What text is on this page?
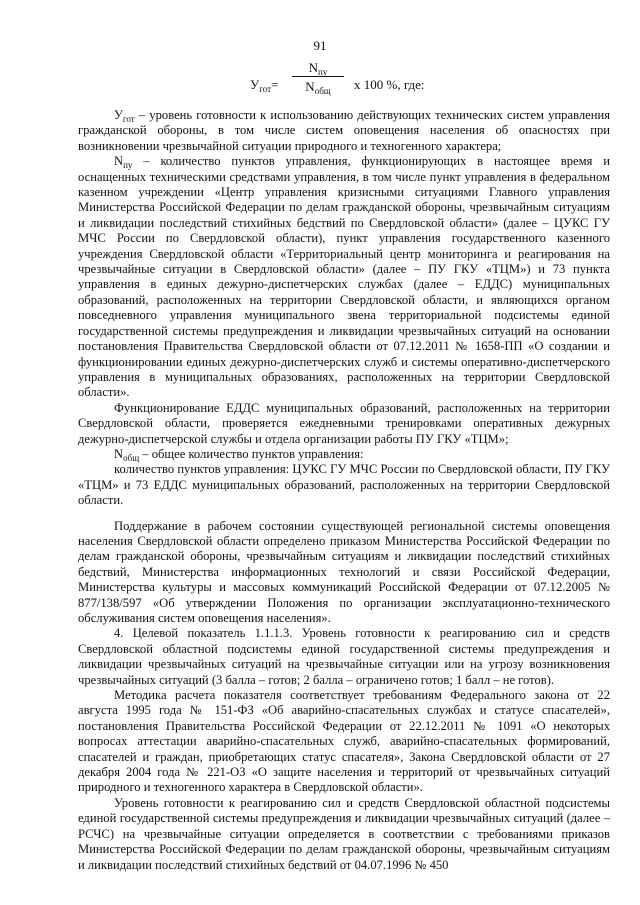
91
$У_{гот}=$
$N_{пу}$
$N_{общ}$	х 100 %, где:

$У_{гот}$ – уровень готовности к использованию действующих технических систем управления гражданской обороны, в том числе систем оповещения населения об опасностях при возникновении чрезвычайной ситуации природного и техногенного характера;

$N_{пу}$ – количество пунктов управления, функционирующих в настоящее время и оснащенных техническими средствами управления, в том числе пункт управления в федеральном казенном учреждении «Центр управления кризисными ситуациями Главного управления Министерства Российской Федерации по делам гражданской обороны, чрезвычайным ситуациям и ликвидации последствий стихийных бедствий по Свердловской области» (далее – ЦУКС ГУ МЧС России по Свердловской области), пункт управления государственного казенного учреждения Свердловской области «Территориальный центр мониторинга и реагирования на чрезвычайные ситуации в Свердловской области» (далее – ПУ ГКУ «ТЦМ») и 73 пункта управления в единых дежурно-диспетчерских службах (далее – ЕДДС) муниципальных образований, расположенных на территории Свердловской области, и являющихся органом повседневного управления муниципального звена территориальной подсистемы единой государственной системы предупреждения и ликвидации чрезвычайных ситуаций на основании постановления Правительства Свердловской области от 07.12.2011 № 1658-ПП «О создании и функционировании единых дежурно-диспетчерских служб и системы оперативно-диспетчерского управления в муниципальных образованиях, расположенных на территории Свердловской области».

Функционирование ЕДДС муниципальных образований, расположенных на территории Свердловской области, проверяется ежедневными тренировками оперативных дежурных дежурно-диспетчерской службы и отдела организации работы ПУ ГКУ «ТЦМ»;

$N_{общ}$ – общее количество пунктов управления:

количество пунктов управления: ЦУКС ГУ МЧС России по Свердловской области, ПУ ГКУ «ТЦМ» и 73 ЕДДС муниципальных образований, расположенных на территории Свердловской области.

Поддержание в рабочем состоянии существующей региональной системы оповещения населения Свердловской области определено приказом Министерства Российской Федерации по делам гражданской обороны, чрезвычайным ситуациям и ликвидации последствий стихийных бедствий, Министерства информационных технологий и связи Российской Федерации, Министерства культуры и массовых коммуникаций Российской Федерации от 07.12.2005 № 877/138/597 «Об утверждении Положения по организации эксплуатационно-технического обслуживания систем оповещения населения».

4. Целевой показатель 1.1.1.3. Уровень готовности к реагированию сил и средств Свердловской областной подсистемы единой государственной системы предупреждения и ликвидации чрезвычайных ситуаций на чрезвычайные ситуации или на угрозу возникновения чрезвычайных ситуаций (3 балла – готов; 2 балла – ограничено готов; 1 балл – не готов).

Методика расчета показателя соответствует требованиям Федерального закона от 22 августа 1995 года № 151-ФЗ «Об аварийно-спасательных службах и статусе спасателей», постановления Правительства Российской Федерации от 22.12.2011 № 1091 «О некоторых вопросах аттестации аварийно-спасательных служб, аварийно-спасательных формирований, спасателей и граждан, приобретающих статус спасателя», Закона Свердловской области от 27 декабря 2004 года № 221-ОЗ «О защите населения и территорий от чрезвычайных ситуаций природного и техногенного характера в Свердловской области».

Уровень готовности к реагированию сил и средств Свердловской областной подсистемы единой государственной системы предупреждения и ликвидации чрезвычайных ситуаций (далее – РСЧС) на чрезвычайные ситуации определяется в соответствии с требованиями приказов Министерства Российской Федерации по делам гражданской обороны, чрезвычайным ситуациям и ликвидации последствий стихийных бедствий от 04.07.1996 № 450
